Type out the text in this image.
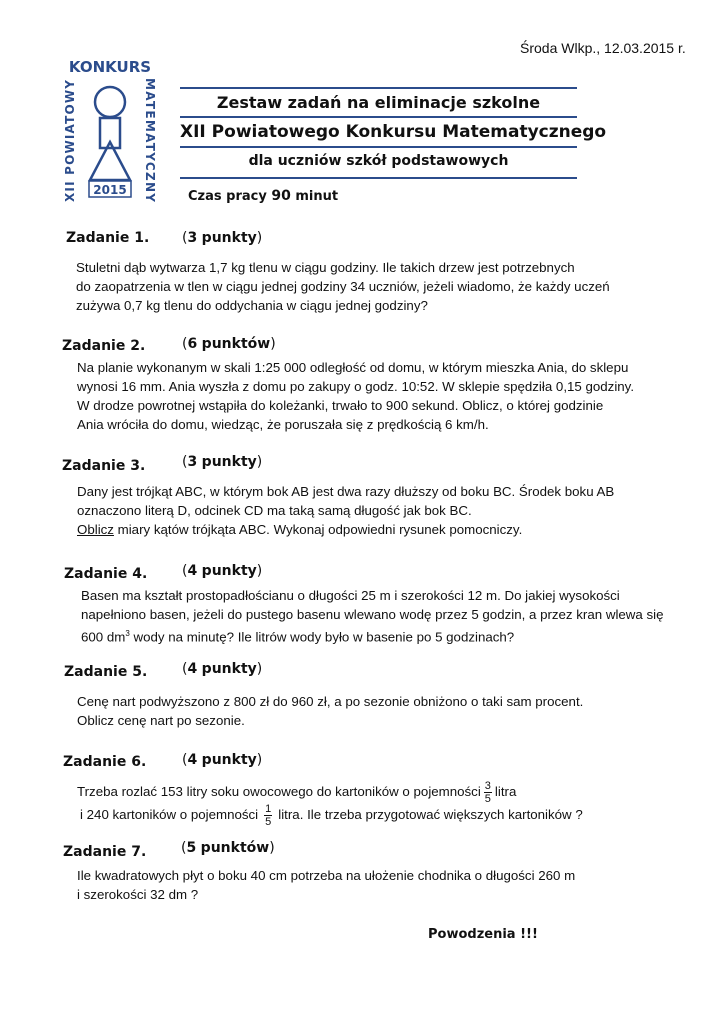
Środa Wlkp., 12.03.2015 r.
KONKURS
XII POWIATOWY	MATEMATYCZNY
2015
Zestaw zadań na eliminacje szkolne
XII Powiatowego Konkursu Matematycznego
dla uczniów szkół podstawowych
Czas pracy 90 minut
Zadanie 1. (3 punkty)
Stuletni dąb wytwarza 1,7 kg tlenu w ciągu godziny. Ile takich drzew jest potrzebnych
do zaopatrzenia w tlen w ciągu jednej godziny 34 uczniów, jeżeli wiadomo, że każdy uczeń
zużywa 0,7 kg tlenu do oddychania w ciągu jednej godziny?
Zadanie 2.	(6 punktów)
Na planie wykonanym w skali 1:25 000 odległość od domu, w którym mieszka Ania, do sklepu
wynosi 16 mm. Ania wyszła z domu po zakupy o godz. 10:52. W sklepie spędziła 0,15 godziny.
W drodze powrotnej wstąpiła do koleżanki, trwało to 900 sekund. Oblicz, o której godzinie
Ania wróciła do domu, wiedząc, że poruszała się z prędkością 6 km/h.
Zadanie 3.	(3 punkty)
Dany jest trójkąt ABC, w którym bok AB jest dwa razy dłuższy od boku BC. Środek boku AB
oznaczono literą D, odcinek CD ma taką samą długość jak bok BC.
Oblicz miary kątów trójkąta ABC. Wykonaj odpowiedni rysunek pomocniczy.
Zadanie 4. (4 punkty)
Basen ma kształt prostopadłościanu o długości 25 m i szerokości 12 m. Do jakiej wysokości
napełniono basen, jeżeli do pustego basenu wlewano wodę przez 5 godzin, a przez kran wlewa się
600 $dm^3$ wody na minutę? Ile litrów wody było w basenie po 5 godzinach?
Zadanie 5. (4 punkty)
Cenę nart podwyższono z 800 zł do 960 zł, a po sezonie obniżono o taki sam procent.
Oblicz cenę nart po sezonie.
Zadanie 6.	(4 punkty)
Trzeba rozlać 153 litry soku owocowego do kartoników o pojemności $\frac{3}{5}$ litra
i 240 kartoników o pojemności $\frac{1}{5}$ litra. Ile trzeba przygotować większych kartoników ?
Zadanie 7. (5 punktów)
Ile kwadratowych płyt o boku 40 cm potrzeba na ułożenie chodnika o długości 260 m
i szerokości 32 dm ?
Powodzenia !!!
